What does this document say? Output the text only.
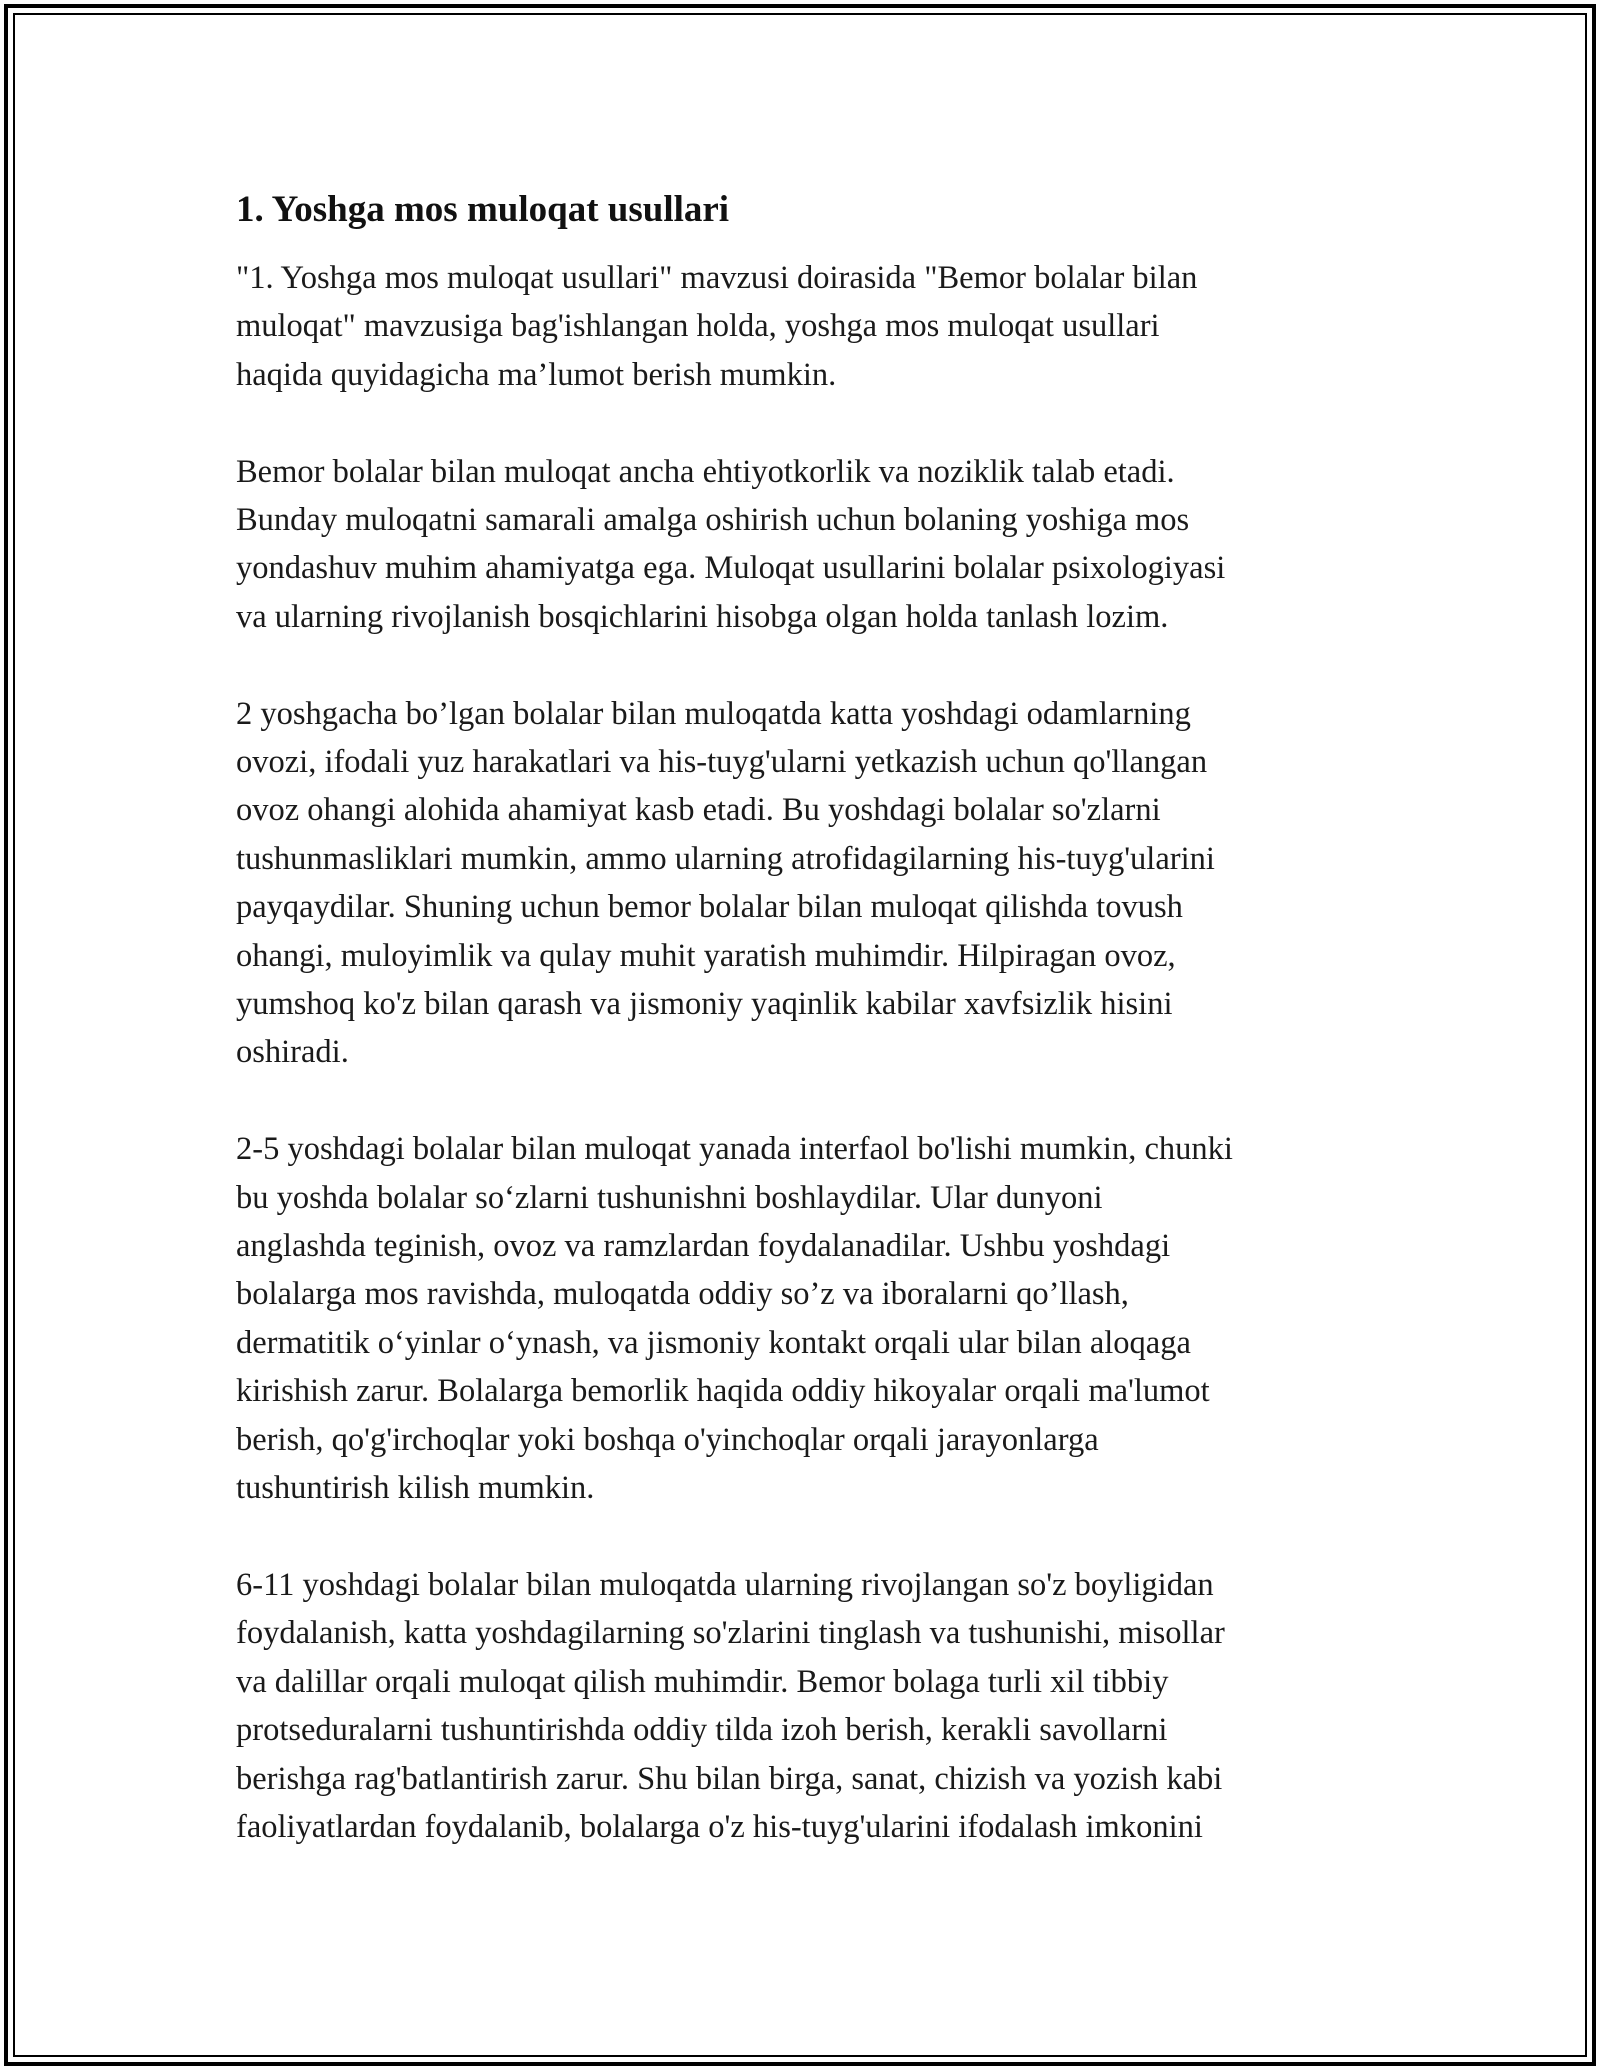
1. Yoshga mos muloqat usullari

"1. Yoshga mos muloqat usullari" mavzusi doirasida "Bemor bolalar bilan
muloqat" mavzusiga bag'ishlangan holda, yoshga mos muloqat usullari
haqida quyidagicha ma’lumot berish mumkin.

Bemor bolalar bilan muloqat ancha ehtiyotkorlik va noziklik talab etadi.
Bunday muloqatni samarali amalga oshirish uchun bolaning yoshiga mos
yondashuv muhim ahamiyatga ega. Muloqat usullarini bolalar psixologiyasi
va ularning rivojlanish bosqichlarini hisobga olgan holda tanlash lozim.

2 yoshgacha bo’lgan bolalar bilan muloqatda katta yoshdagi odamlarning
ovozi, ifodali yuz harakatlari va his-tuyg'ularni yetkazish uchun qo'llangan
ovoz ohangi alohida ahamiyat kasb etadi. Bu yoshdagi bolalar so'zlarni
tushunmasliklari mumkin, ammo ularning atrofidagilarning his-tuyg'ularini
payqaydilar. Shuning uchun bemor bolalar bilan muloqat qilishda tovush
ohangi, muloyimlik va qulay muhit yaratish muhimdir. Hilpiragan ovoz,
yumshoq ko'z bilan qarash va jismoniy yaqinlik kabilar xavfsizlik hisini
oshiradi.

2-5 yoshdagi bolalar bilan muloqat yanada interfaol bo'lishi mumkin, chunki
bu yoshda bolalar so‘zlarni tushunishni boshlaydilar. Ular dunyoni
anglashda teginish, ovoz va ramzlardan foydalanadilar. Ushbu yoshdagi
bolalarga mos ravishda, muloqatda oddiy so’z va iboralarni qo’llash,
dermatitik o‘yinlar o‘ynash, va jismoniy kontakt orqali ular bilan aloqaga
kirishish zarur. Bolalarga bemorlik haqida oddiy hikoyalar orqali ma'lumot
berish, qo'g'irchoqlar yoki boshqa o'yinchoqlar orqali jarayonlarga
tushuntirish kilish mumkin.

6-11 yoshdagi bolalar bilan muloqatda ularning rivojlangan so'z boyligidan
foydalanish, katta yoshdagilarning so'zlarini tinglash va tushunishi, misollar
va dalillar orqali muloqat qilish muhimdir. Bemor bolaga turli xil tibbiy
protseduralarni tushuntirishda oddiy tilda izoh berish, kerakli savollarni
berishga rag'batlantirish zarur. Shu bilan birga, sanat, chizish va yozish kabi
faoliyatlardan foydalanib, bolalarga o'z his-tuyg'ularini ifodalash imkonini
